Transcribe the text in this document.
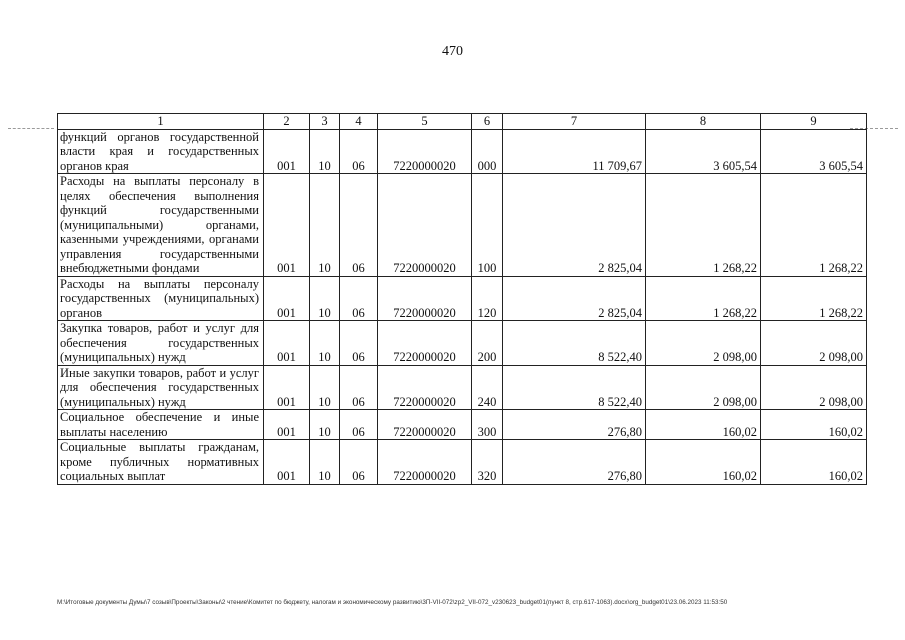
470
1	2	3	4	5	6	7	8	9
функций органов государственной власти края и государственных органов края	001	10	06	7220000020	000	11 709,67	3 605,54	3 605,54
Расходы на выплаты персоналу в целях обеспечения выполнения функций государственными (муниципальными) органами, казенными учреждениями, органами управления государственными внебюджетными фондами	001	10	06	7220000020	100	2 825,04	1 268,22	1 268,22
Расходы на выплаты персоналу государственных (муниципальных) органов	001	10	06	7220000020	120	2 825,04	1 268,22	1 268,22
Закупка товаров, работ и услуг для обеспечения государственных (муниципальных) нужд	001	10	06	7220000020	200	8 522,40	2 098,00	2 098,00
Иные закупки товаров, работ и услуг для обеспечения государственных (муниципальных) нужд	001	10	06	7220000020	240	8 522,40	2 098,00	2 098,00
Социальное обеспечение и иные выплаты населению	001	10	06	7220000020	300	276,80	160,02	160,02
Социальные выплаты гражданам, кроме публичных нормативных социальных выплат	001	10	06	7220000020	320	276,80	160,02	160,02
M:\Итоговые документы Думы\7 созыв\Проекты\Законы\2 чтение\Комитет по бюджету, налогам и экономическому развитию\3П-VII-072\zp2_VII-072_v230623_budget01(пункт 8, стр.617-1063).docx\org_budget01\23.06.2023 11:53:50
